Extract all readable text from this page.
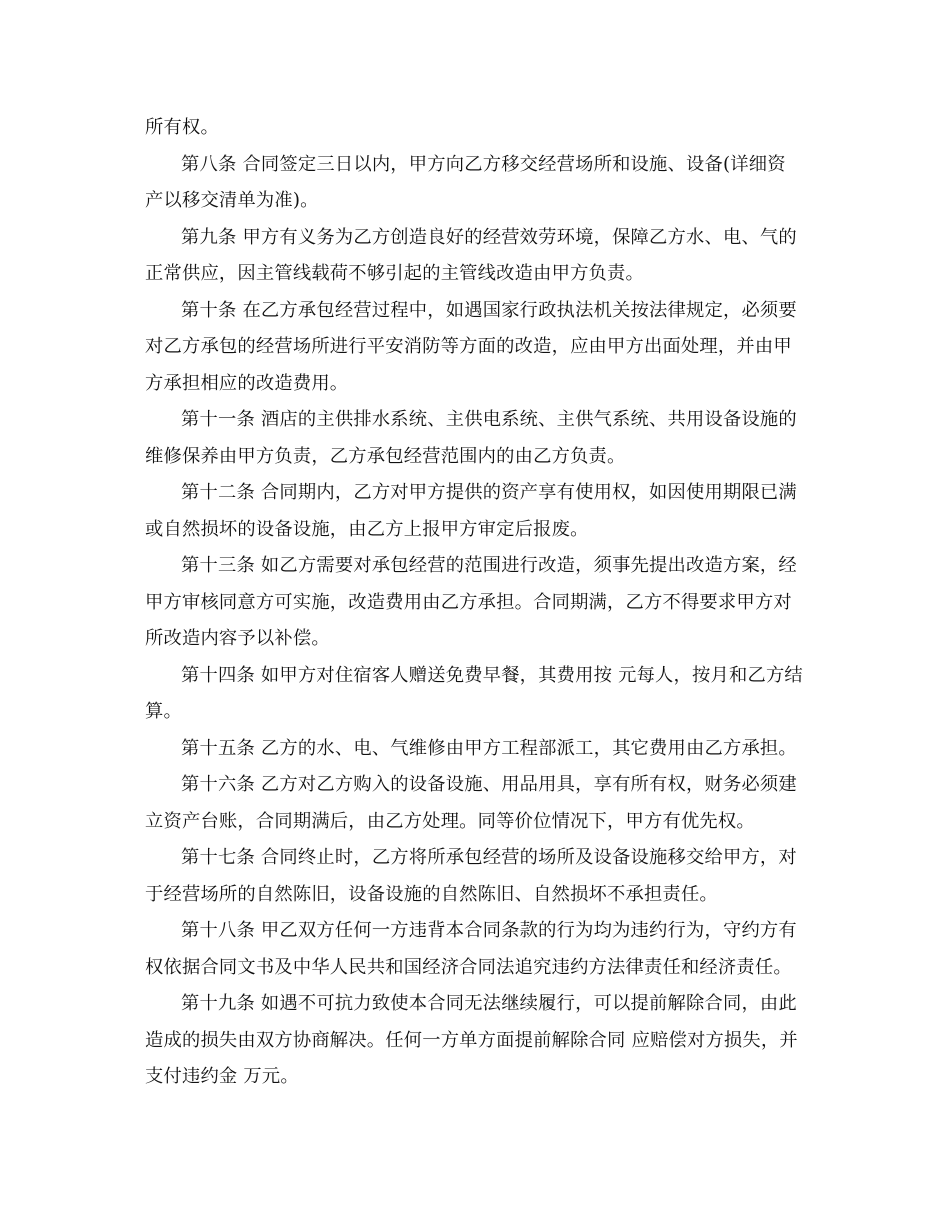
所有权。
第八条 合同签定三日以内，甲方向乙方移交经营场所和设施、设备(详细资
产以移交清单为准)。
第九条 甲方有义务为乙方创造良好的经营效劳环境，保障乙方水、电、气的
正常供应，因主管线载荷不够引起的主管线改造由甲方负责。
第十条 在乙方承包经营过程中，如遇国家行政执法机关按法律规定，必须要
对乙方承包的经营场所进行平安消防等方面的改造，应由甲方出面处理，并由甲
方承担相应的改造费用。
第十一条 酒店的主供排水系统、主供电系统、主供气系统、共用设备设施的
维修保养由甲方负责，乙方承包经营范围内的由乙方负责。
第十二条 合同期内，乙方对甲方提供的资产享有使用权，如因使用期限已满
或自然损坏的设备设施，由乙方上报甲方审定后报废。
第十三条 如乙方需要对承包经营的范围进行改造，须事先提出改造方案，经
甲方审核同意方可实施，改造费用由乙方承担。合同期满，乙方不得要求甲方对
所改造内容予以补偿。
第十四条 如甲方对住宿客人赠送免费早餐，其费用按 元每人，按月和乙方结
算。
第十五条 乙方的水、电、气维修由甲方工程部派工，其它费用由乙方承担。
第十六条 乙方对乙方购入的设备设施、用品用具，享有所有权，财务必须建
立资产台账，合同期满后，由乙方处理。同等价位情况下，甲方有优先权。
第十七条 合同终止时，乙方将所承包经营的场所及设备设施移交给甲方，对
于经营场所的自然陈旧，设备设施的自然陈旧、自然损坏不承担责任。
第十八条 甲乙双方任何一方违背本合同条款的行为均为违约行为，守约方有
权依据合同文书及中华人民共和国经济合同法追究违约方法律责任和经济责任。
第十九条 如遇不可抗力致使本合同无法继续履行，可以提前解除合同，由此
造成的损失由双方协商解决。任何一方单方面提前解除合同 应赔偿对方损失，并
支付违约金 万元。
